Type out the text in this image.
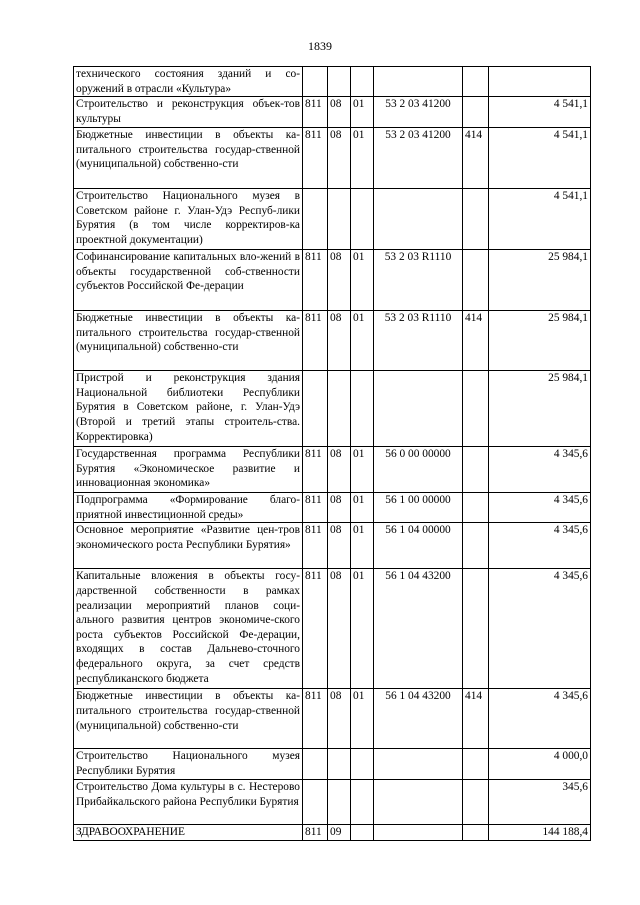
1839
технического состояния зданий и со-оружений в отрасли «Культура»						
Строительство и реконструкция объек-тов культуры	811	08	01	53 2 03 41200		4 541,1
Бюджетные инвестиции в объекты ка-питального строительства государ-ственной (муниципальной) собственно-сти	811	08	01	53 2 03 41200	414	4 541,1
Строительство Национального музея в Советском районе г. Улан-Удэ Респуб-лики Бурятия (в том числе корректиров-ка проектной документации)						4 541,1
Софинансирование капитальных вло-жений в объекты государственной соб-ственности субъектов Российской Фе-дерации	811	08	01	53 2 03 R1110		25 984,1
Бюджетные инвестиции в объекты ка-питального строительства государ-ственной (муниципальной) собственно-сти	811	08	01	53 2 03 R1110	414	25 984,1
Пристрой и реконструкция здания Национальной библиотеки Республики Бурятия в Советском районе, г. Улан-Удэ (Второй и третий этапы строитель-ства. Корректировка)						25 984,1
Государственная программа Республики Бурятия «Экономическое развитие и инновационная экономика»	811	08	01	56 0 00 00000		4 345,6
Подпрограмма «Формирование благо-приятной инвестиционной среды»	811	08	01	56 1 00 00000		4 345,6
Основное мероприятие «Развитие цен-тров экономического роста Республики Бурятия»	811	08	01	56 1 04 00000		4 345,6
Капитальные вложения в объекты госу-дарственной собственности в рамках реализации мероприятий планов соци-ального развития центров экономиче-ского роста субъектов Российской Фе-дерации, входящих в состав Дальнево-сточного федерального округа, за счет средств республиканского бюджета	811	08	01	56 1 04 43200		4 345,6
Бюджетные инвестиции в объекты ка-питального строительства государ-ственной (муниципальной) собственно-сти	811	08	01	56 1 04 43200	414	4 345,6
Строительство Национального музея Республики Бурятия						4 000,0
Строительство Дома культуры в с. Нестерово Прибайкальского района Республики Бурятия						345,6
ЗДРАВООХРАНЕНИЕ	811	09				144 188,4
